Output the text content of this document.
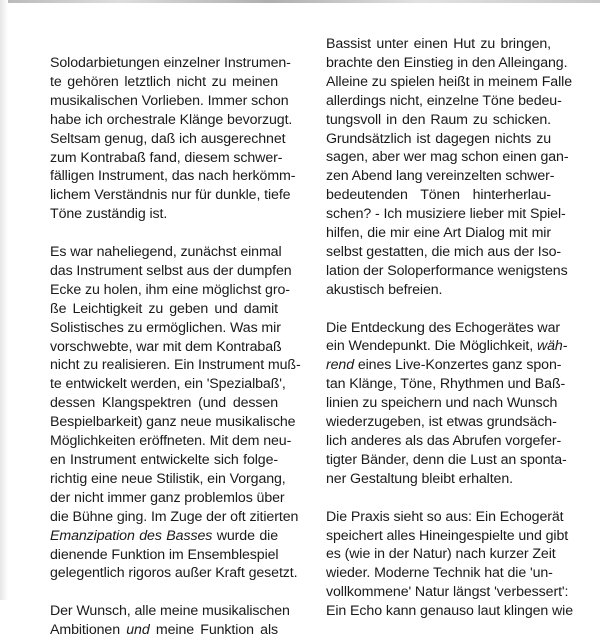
Solodarbietungen einzelner Instrumen-
te gehören letztlich nicht zu meinen
musikalischen Vorlieben. Immer schon
habe ich orchestrale Klänge bevorzugt.
Seltsam genug, daß ich ausgerechnet
zum Kontrabaß fand, diesem schwer-
fälligen Instrument, das nach herkömm-
lichem Verständnis nur für dunkle, tiefe
Töne zuständig ist.
Es war naheliegend, zunächst einmal
das Instrument selbst aus der dumpfen
Ecke zu holen, ihm eine möglichst gro-
ße Leichtigkeit zu geben und damit
Solistisches zu ermöglichen. Was mir
vorschwebte, war mit dem Kontrabaß
nicht zu realisieren. Ein Instrument muß-
te entwickelt werden, ein 'Spezialbaß',
dessen Klangspektren (und dessen
Bespielbarkeit) ganz neue musikalische
Möglichkeiten eröffneten. Mit dem neu-
en Instrument entwickelte sich folge-
richtig eine neue Stilistik, ein Vorgang,
der nicht immer ganz problemlos über
die Bühne ging. Im Zuge der oft zitierten
Emanzipation des Basses wurde die
dienende Funktion im Ensemblespiel
gelegentlich rigoros außer Kraft gesetzt.
Der Wunsch, alle meine musikalischen
Ambitionen und meine Funktion als
Bassist unter einen Hut zu bringen,
brachte den Einstieg in den Alleingang.
Alleine zu spielen heißt in meinem Falle
allerdings nicht, einzelne Töne bedeu-
tungsvoll in den Raum zu schicken.
Grundsätzlich ist dagegen nichts zu
sagen, aber wer mag schon einen gan-
zen Abend lang vereinzelten schwer-
bedeutenden Tönen hinterherlau-
schen? - Ich musiziere lieber mit Spiel-
hilfen, die mir eine Art Dialog mit mir
selbst gestatten, die mich aus der Iso-
lation der Soloperformance wenigstens
akustisch befreien.
Die Entdeckung des Echogerätes war
ein Wendepunkt. Die Möglichkeit, wäh-
rend eines Live-Konzertes ganz spon-
tan Klänge, Töne, Rhythmen und Baß-
linien zu speichern und nach Wunsch
wiederzugeben, ist etwas grundsäch-
lich anderes als das Abrufen vorgefer-
tigter Bänder, denn die Lust an sponta-
ner Gestaltung bleibt erhalten.
Die Praxis sieht so aus: Ein Echogerät
speichert alles Hineingespielte und gibt
es (wie in der Natur) nach kurzer Zeit
wieder. Moderne Technik hat die 'un-
vollkommene' Natur längst 'verbessert':
Ein Echo kann genauso laut klingen wie
